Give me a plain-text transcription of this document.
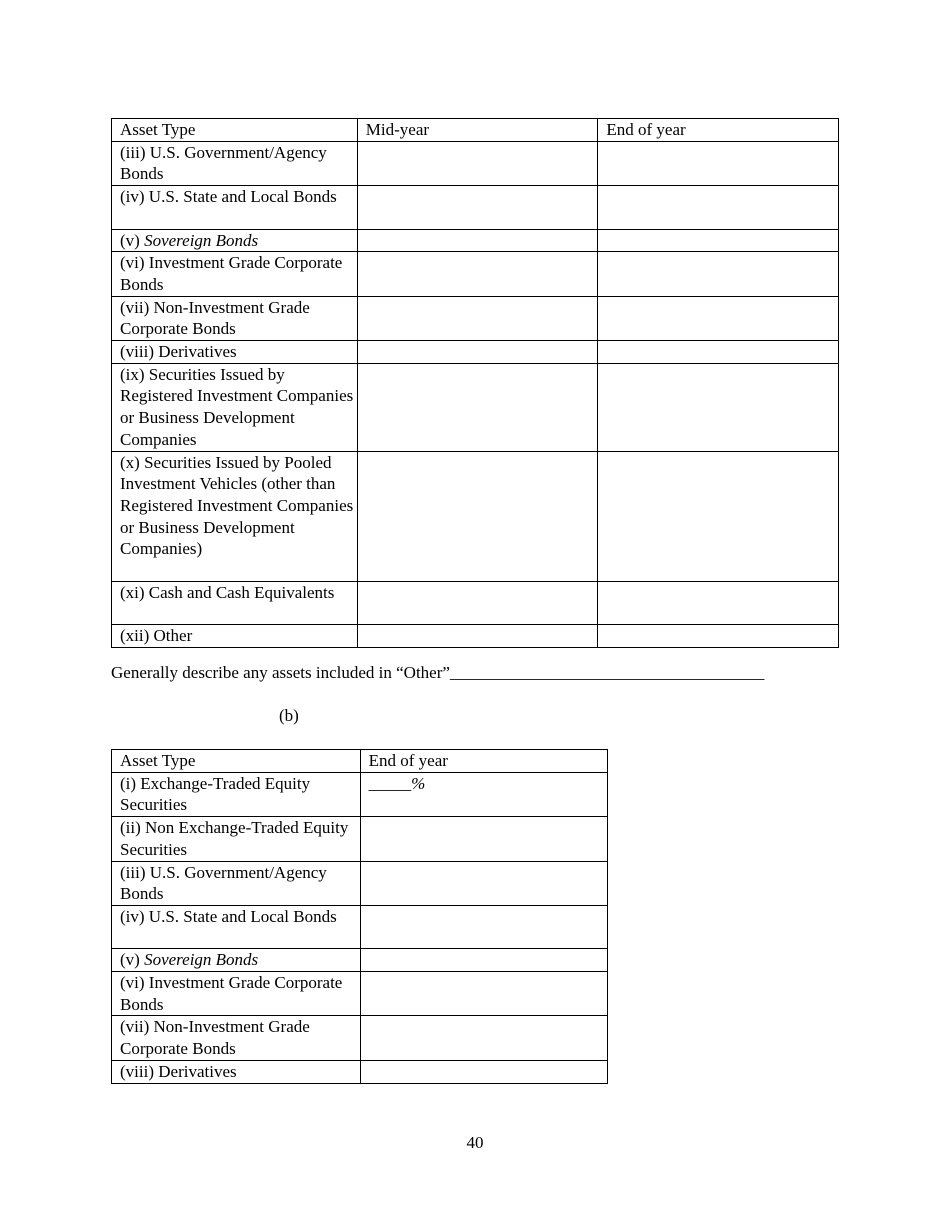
Asset Type	Mid-year	End of year
(iii) U.S. Government/Agency Bonds		
(iv) U.S. State and Local Bonds		
(v) Sovereign Bonds		
(vi) Investment Grade Corporate Bonds		
(vii) Non-Investment Grade Corporate Bonds		
(viii) Derivatives		
(ix) Securities Issued by Registered Investment Companies or Business Development Companies		
(x) Securities Issued by Pooled Investment Vehicles (other than Registered Investment Companies or Business Development Companies)		
(xi) Cash and Cash Equivalents		
(xii) Other		
Generally describe any assets included in “Other”_____________________________________
(b)
Asset Type	End of year
(i) Exchange-Traded Equity Securities	_____%
(ii) Non Exchange-Traded Equity Securities	
(iii) U.S. Government/Agency Bonds	
(iv) U.S. State and Local Bonds	
(v) Sovereign Bonds	
(vi) Investment Grade Corporate Bonds	
(vii) Non-Investment Grade Corporate Bonds	
(viii) Derivatives	
40
